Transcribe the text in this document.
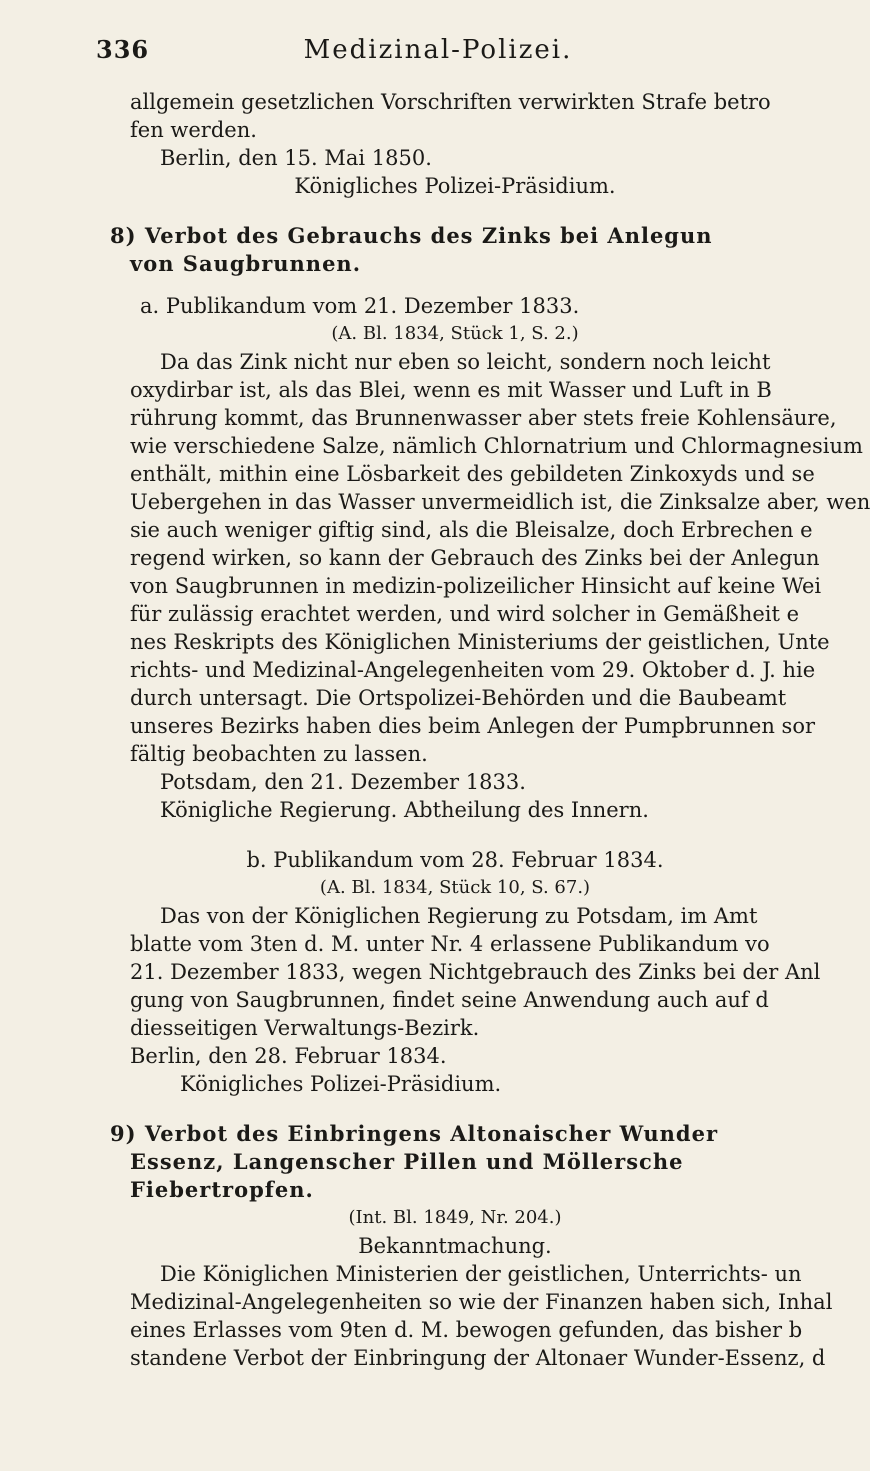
336	Medizinal-Polizei.

allgemein gesetzlichen Vorschriften verwirkten Strafe betro

fen werden.

Berlin, den 15. Mai 1850.

Königliches Polizei-Präsidium.

8) Verbot des Gebrauchs des Zinks bei Anlegun

von Saugbrunnen.

a. Publikandum vom 21. Dezember 1833.

(A. Bl. 1834, Stück 1, S. 2.)

Da das Zink nicht nur eben so leicht, sondern noch leicht

oxydirbar ist, als das Blei, wenn es mit Wasser und Luft in B

rührung kommt, das Brunnenwasser aber stets freie Kohlensäure,

wie verschiedene Salze, nämlich Chlornatrium und Chlormagnesium

enthält, mithin eine Lösbarkeit des gebildeten Zinkoxyds und se

Uebergehen in das Wasser unvermeidlich ist, die Zinksalze aber, wen

sie auch weniger giftig sind, als die Bleisalze, doch Erbrechen e

regend wirken, so kann der Gebrauch des Zinks bei der Anlegun

von Saugbrunnen in medizin-polizeilicher Hinsicht auf keine Wei

für zulässig erachtet werden, und wird solcher in Gemäßheit e

nes Reskripts des Königlichen Ministeriums der geistlichen, Unte

richts- und Medizinal-Angelegenheiten vom 29. Oktober d. J. hie

durch untersagt. Die Ortspolizei-Behörden und die Baubeamt

unseres Bezirks haben dies beim Anlegen der Pumpbrunnen sor

fältig beobachten zu lassen.

Potsdam, den 21. Dezember 1833.

Königliche Regierung. Abtheilung des Innern.

b. Publikandum vom 28. Februar 1834.

(A. Bl. 1834, Stück 10, S. 67.)

Das von der Königlichen Regierung zu Potsdam, im Amt

blatte vom 3ten d. M. unter Nr. 4 erlassene Publikandum vo

21. Dezember 1833, wegen Nichtgebrauch des Zinks bei der Anl

gung von Saugbrunnen, findet seine Anwendung auch auf d

diesseitigen Verwaltungs-Bezirk.

Berlin, den 28. Februar 1834.

Königliches Polizei-Präsidium.

9) Verbot des Einbringens Altonaischer Wunder

Essenz, Langenscher Pillen und Möllersche

Fiebertropfen.

(Int. Bl. 1849, Nr. 204.)

Bekanntmachung.

Die Königlichen Ministerien der geistlichen, Unterrichts- un

Medizinal-Angelegenheiten so wie der Finanzen haben sich, Inhal

eines Erlasses vom 9ten d. M. bewogen gefunden, das bisher b

standene Verbot der Einbringung der Altonaer Wunder-Essenz, d
